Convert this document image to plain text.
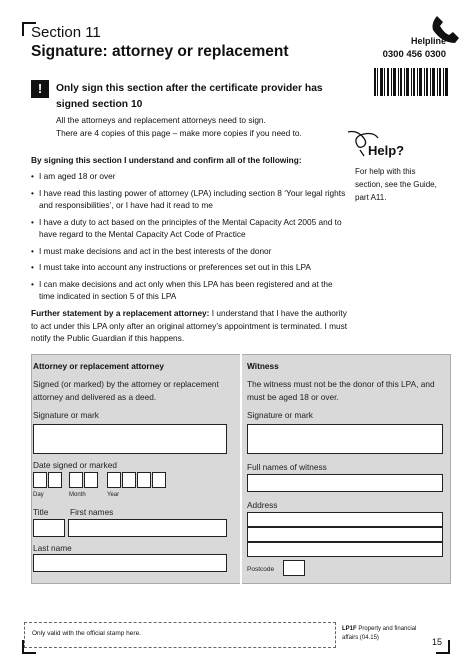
Section 11
Signature: attorney or replacement
Helpline
0300 456 0300
!	Only sign this section after the certificate provider has signed section 10
All the attorneys and replacement attorneys need to sign.
There are 4 copies of this page – make more copies if you need to.
Help?
For help with this section, see the Guide, part A11.
By signing this section I understand and confirm all of the following:
• I am aged 18 or over
• I have read this lasting power of attorney (LPA) including section 8 ‘Your legal rights and responsibilities’, or I have had it read to me
• I have a duty to act based on the principles of the Mental Capacity Act 2005 and to have regard to the Mental Capacity Act Code of Practice
• I must make decisions and act in the best interests of the donor
• I must take into account any instructions or preferences set out in this LPA
• I can make decisions and act only when this LPA has been registered and at the time indicated in section 5 of this LPA
Further statement by a replacement attorney: I understand that I have the authority to act under this LPA only after an original attorney’s appointment is terminated. I must notify the Public Guardian if this happens.
Attorney or replacement attorney
Signed (or marked) by the attorney or replacement attorney and delivered as a deed.
Signature or mark
Date signed or marked
Day	Month	Year
Title	First names
Last name
Witness
The witness must not be the donor of this LPA, and must be aged 18 or over.
Signature or mark
Full names of witness
Address
Postcode
Only valid with the official stamp here.
LP1F Property and financial affairs (04.15)	15
